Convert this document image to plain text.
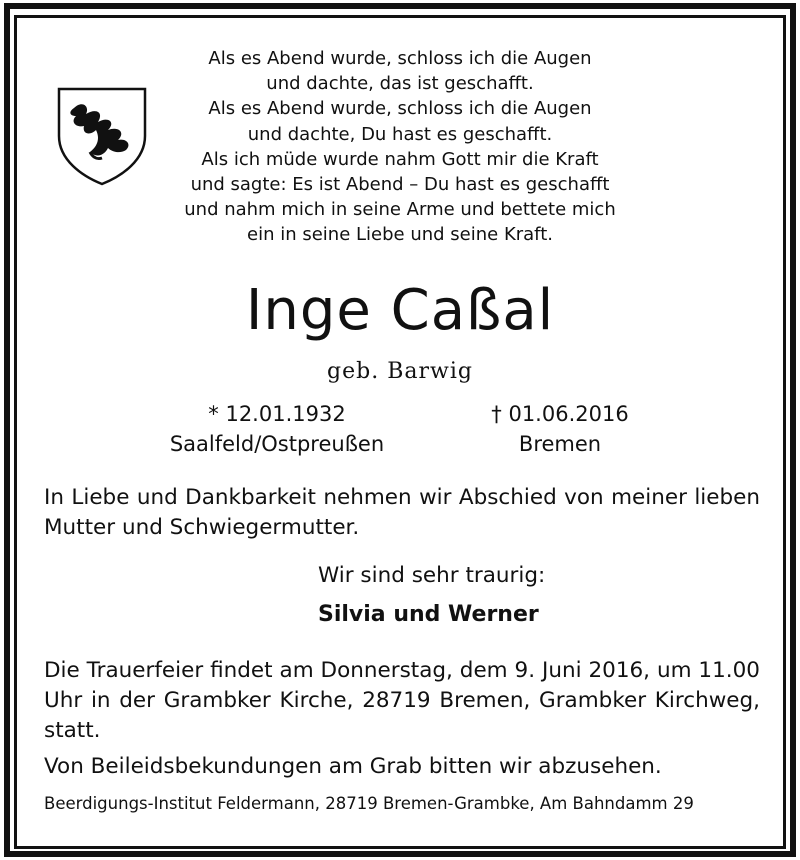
Als es Abend wurde, schloss ich die Augen
und dachte, das ist geschafft.
Als es Abend wurde, schloss ich die Augen
und dachte, Du hast es geschafft.
Als ich müde wurde nahm Gott mir die Kraft
und sagte: Es ist Abend – Du hast es geschafft
und nahm mich in seine Arme und bettete mich
ein in seine Liebe und seine Kraft.
Inge Caßal
geb. Barwig
* 12.01.1932
Saalfeld/Ostpreußen
† 01.06.2016
Bremen
In Liebe und Dankbarkeit nehmen wir Abschied von meiner lieben Mutter und Schwiegermutter.
Wir sind sehr traurig:
Silvia und Werner
Die Trauerfeier findet am Donnerstag, dem 9. Juni 2016, um 11.00 Uhr in der Grambker Kirche, 28719 Bremen, Grambker Kirchweg, statt.
Von Beileidsbekundungen am Grab bitten wir abzusehen.
Beerdigungs-Institut Feldermann, 28719 Bremen-Grambke, Am Bahndamm 29
